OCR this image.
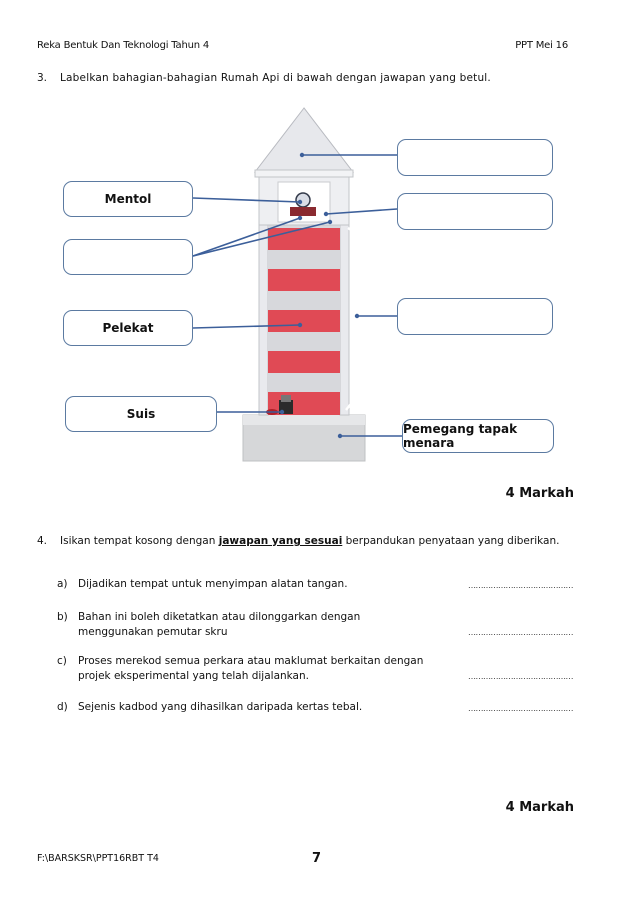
Reka Bentuk Dan Teknologi Tahun 4	PPT Mei 16
3. Labelkan bahagian-bahagian Rumah Api di bawah dengan jawapan yang betul.
Mentol
Pelekat
Suis
Pemegang tapak menara
4 Markah
4. Isikan tempat kosong dengan jawapan yang sesuai berpandukan penyataan yang diberikan.
a) Dijadikan tempat untuk menyimpan alatan tangan.	……………………………………
b) Bahan ini boleh diketatkan atau dilonggarkan dengan
menggunakan pemutar skru	……………………………………
c) Proses merekod semua perkara atau maklumat berkaitan dengan
projek eksperimental yang telah dijalankan.	……………………………………
d) Sejenis kadbod yang dihasilkan daripada kertas tebal.	……………………………………
4 Markah
F:\BARSKSR\PPT16RBT T4	7
